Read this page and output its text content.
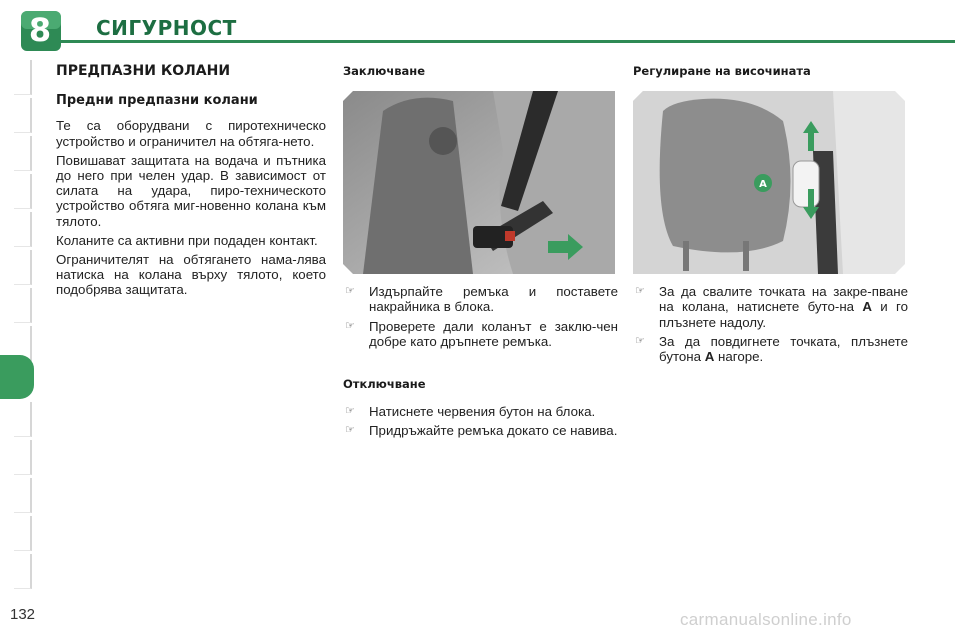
8	СИГУРНОСТ
ПРЕДПАЗНИ КОЛАНИ
Предни предпазни колани

Те са оборудвани с пиротехническо устройство и ограничител на обтяга-нето.

Повишават защитата на водача и пътника до него при челен удар. В зависимост от силата на удара, пиро-техническото устройство обтяга миг-новенно колана към тялото.

Коланите са активни при подаден контакт.

Ограничителят на обтягането нама-лява натиска на колана върху тялото, което подобрява защитата.

Заключване
☞ Издърпайте ремъка и поставете накрайника в блока.
☞ Проверете дали коланът е заклю-чен добре като дръпнете ремъка.
Отключване
☞ Натиснете червения бутон на блока.
☞ Придръжайте ремъка докато се навива.
Регулиране на височината
A
☞ За да свалите точката на закре-пване на колана, натиснете буто-на A и го плъзнете надолу.
☞ За да повдигнете точката, плъзнете бутона A нагоре.
132	carmanualsonline.info
